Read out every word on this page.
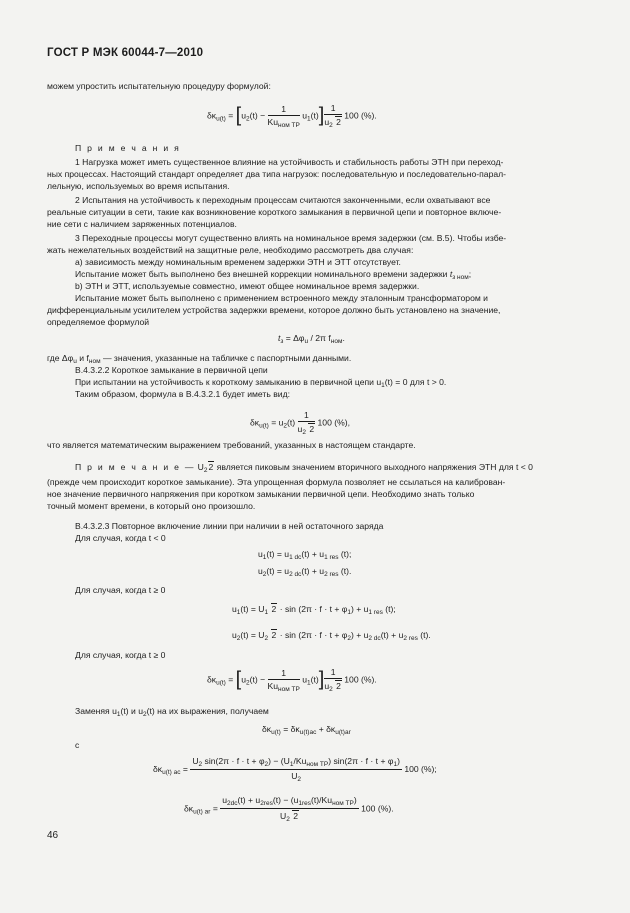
ГОСТ Р МЭК 60044-7—2010
можем упростить испытательную процедуру формулой:
$\delta\kappa_{u(t)} = [u_2(t) - \frac{1}{Ku_{ном ТР}} u_1(t)] \frac{1}{u_2 2} 100$ (%).
П р и м е ч а н и я
1 Нагрузка может иметь существенное влияние на устойчивость и стабильность работы ЭТН при переход-
ных процессах. Настоящий стандарт определяет два типа нагрузок: последовательную и последовательно-парал-
лельную, используемых во время испытания.
2 Испытания на устойчивость к переходным процессам считаются законченными, если охватывают все
реальные ситуации в сети, такие как возникновение короткого замыкания в первичной цепи и повторное включе-
ние сети с наличием заряженных потенциалов.
3 Переходные процессы могут существенно влиять на номинальное время задержки (см. В.5). Чтобы избе-
жать нежелательных воздействий на защитные реле, необходимо рассмотреть два случая:
а) зависимость между номинальным временем задержки ЭТН и ЭТТ отсутствует.
Испытание может быть выполнено без внешней коррекции номинального времени задержки $t_{з ном}$;
b) ЭТН и ЭТТ, используемые совместно, имеют общее номинальное время задержки.
Испытание может быть выполнено с применением встроенного между эталонным трансформатором и
дифференциальным усилителем устройства задержки времени, которое должно быть установлено на значение,
определяемое формулой
$t_з = \Delta\varphi_u / 2\pi$ $f_{ном}$.
где $\Delta\varphi_u$ и $f_{ном}$ — значения, указанные на табличке с паспортными данными.
В.4.3.2.2 Короткое замыкание в первичной цепи
При испытании на устойчивость к короткому замыканию в первичной цепи $u_1(t) = 0$ для t > 0.
Таким образом, формула в В.4.3.2.1 будет иметь вид:
$\delta\kappa_{u(t)} = u_2(t) \frac{1}{u_2 2} 100$ (%),
что является математическим выражением требований, указанных в настоящем стандарте.
П р и м е ч а н и е — $U_22$ является пиковым значением вторичного выходного напряжения ЭТН для t < 0
(прежде чем происходит короткое замыкание). Эта упрощенная формула позволяет не ссылаться на калиброван-
ное значение первичного напряжения при коротком замыкании первичной цепи. Необходимо знать только
точный момент времени, в который оно произошло.
В.4.3.2.3 Повторное включение линии при наличии в ней остаточного заряда
Для случая, когда t < 0
$u_1(t) = u_{1 dc}(t) + u_{1 res}$ (t);
$u_2(t) = u_{2 dc}(t) + u_{2 res}$ (t).
Для случая, когда t ≥ 0
$u_1(t) = U_1$ $2 \cdot \sin (2\pi \cdot f \cdot t + \varphi_1) + u_{1 res}$ (t);
$u_2(t) = U_2$ $2 \cdot \sin (2\pi \cdot f \cdot t + \varphi_2) + u_{2 dc}(t) + u_{2 res}$ (t).
Для случая, когда t ≥ 0
$\delta\kappa_{u(t)} = [u_2(t) - \frac{1}{Ku_{ном ТР}} u_1(t)] \frac{1}{u_2 2} 100$ (%).
Заменяя $u_1(t)$ и $u_2(t)$ на их выражения, получаем
$\delta\kappa_{u(t)} = \delta\kappa_{u(t)ac} + \delta\kappa_{u(t)ar}$
с
$\delta\kappa_{u(t) ac} = \frac{U_2 \sin(2\pi \cdot f \cdot t + \varphi_2) - (U_1/Ku_{ном ТР}) \sin(2\pi \cdot f \cdot t + \varphi_1)}{U_2} 100$ (%);
$\delta\kappa_{u(t) ar} = \frac{u_{2dc}(t) + u_{2res}(t) - (u_{1res}(t)/Ku_{ном ТР})}{U_2 2} 100$ (%).
46
